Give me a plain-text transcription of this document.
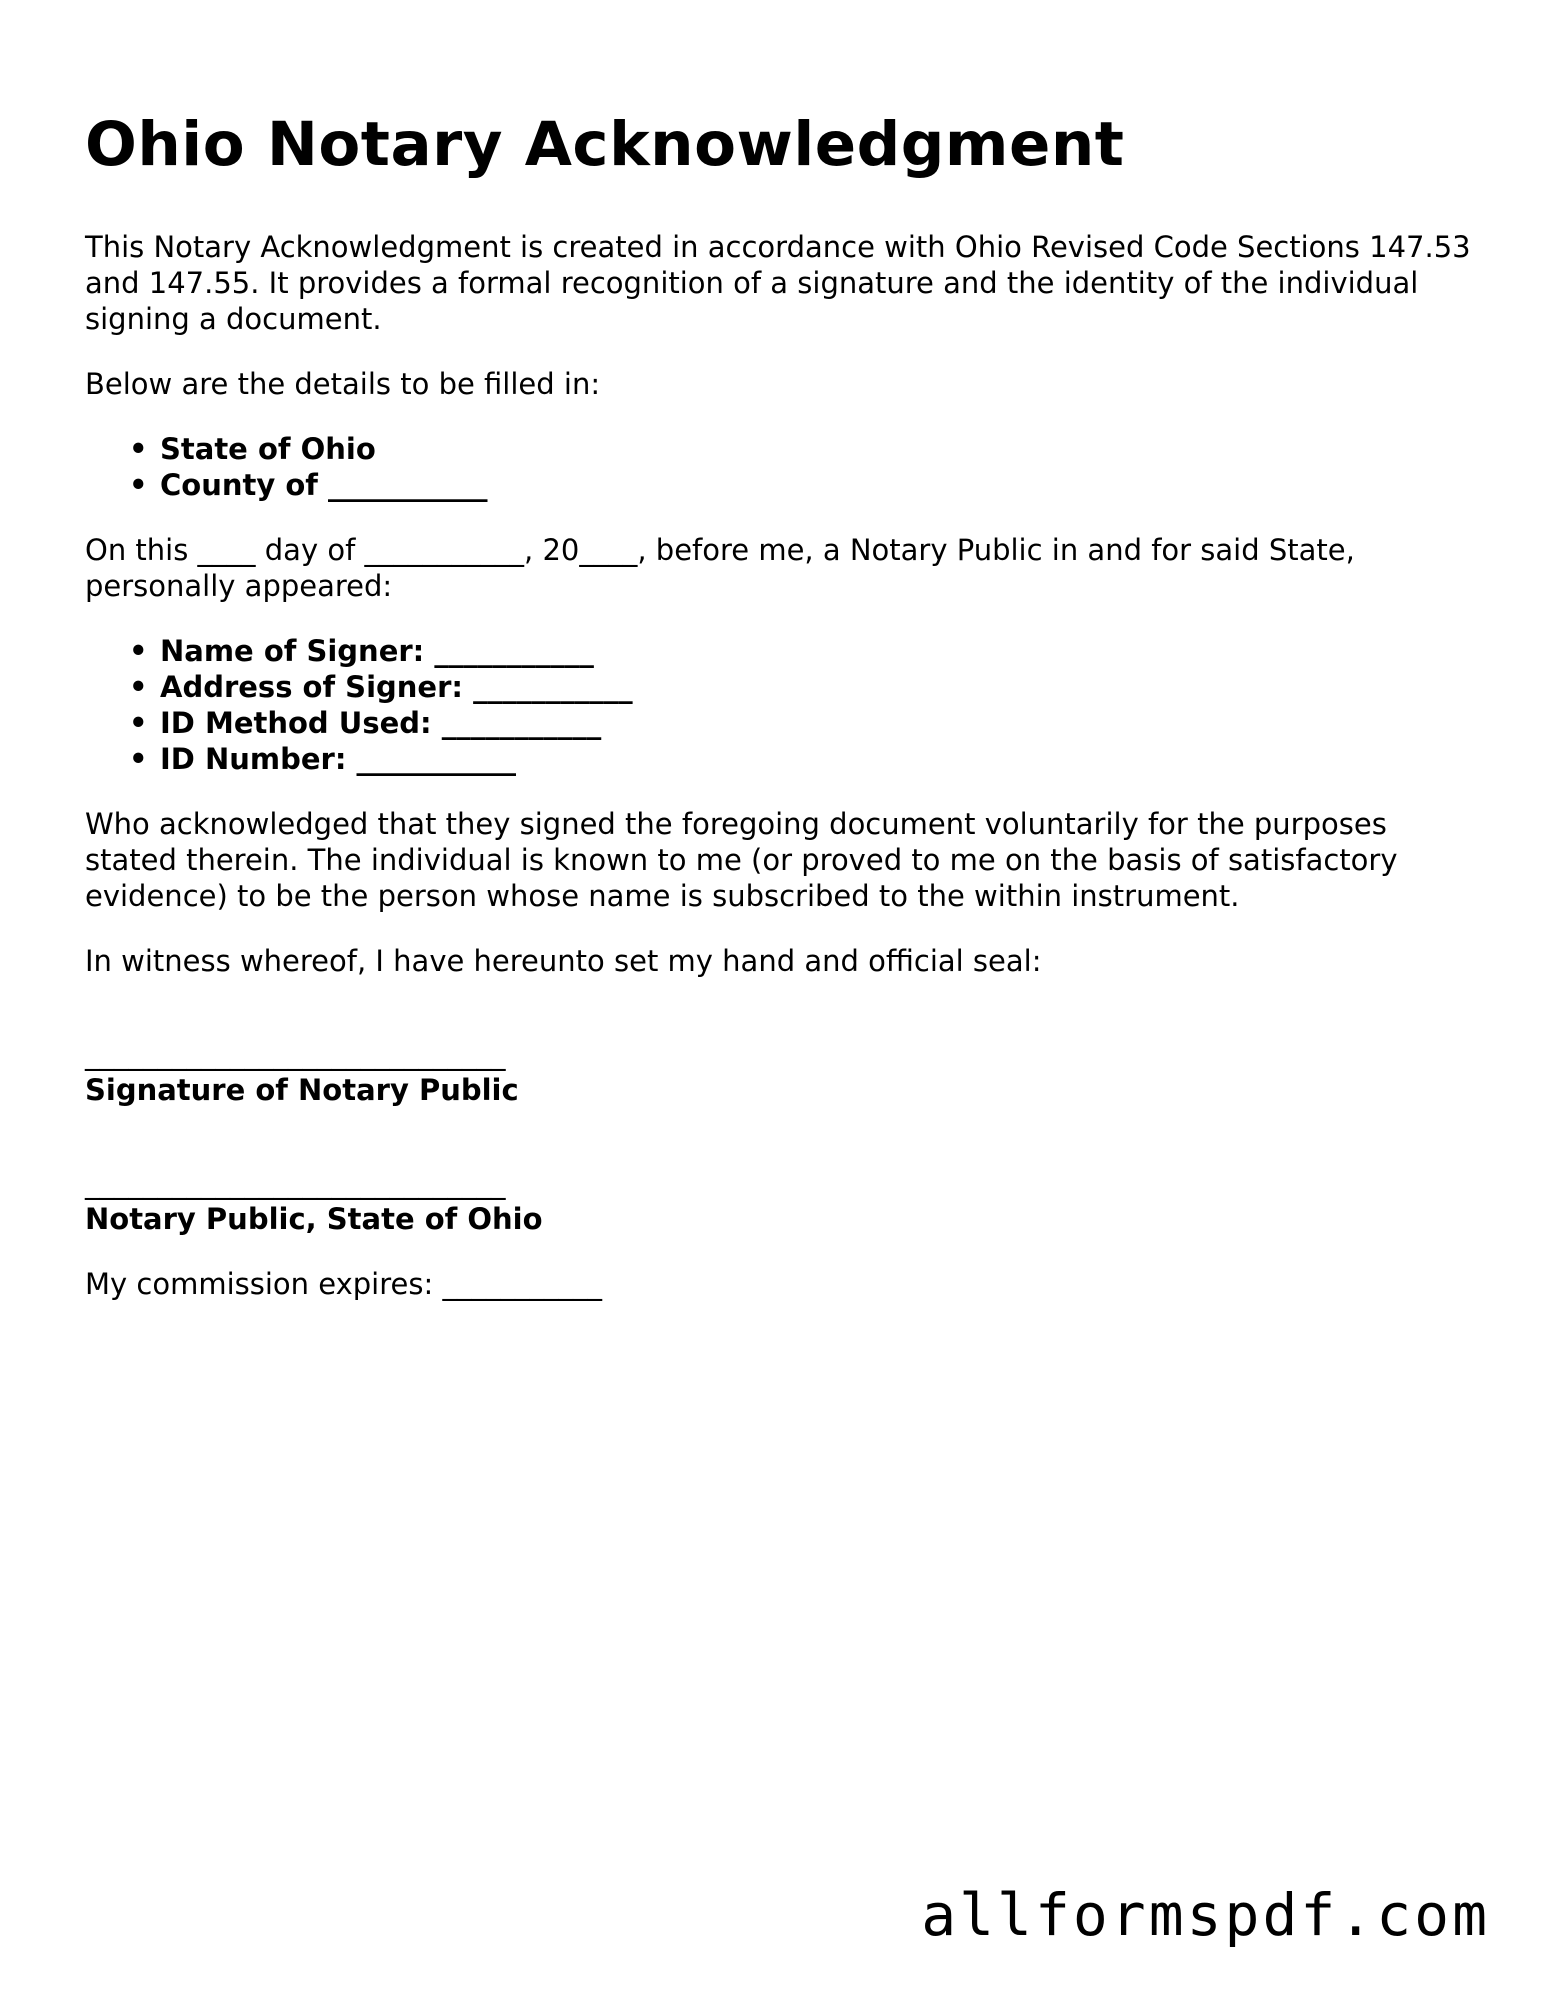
Ohio Notary Acknowledgment

This Notary Acknowledgment is created in accordance with Ohio Revised Code Sections 147.53 and 147.55. It provides a formal recognition of a signature and the identity of the individual signing a document.

Below are the details to be filled in:

• State of Ohio
• County of ___________

On this ____ day of ___________, 20____, before me, a Notary Public in and for said State, personally appeared:

• Name of Signer: ___________
• Address of Signer: ___________
• ID Method Used: ___________
• ID Number: ___________

Who acknowledged that they signed the foregoing document voluntarily for the purposes stated therein. The individual is known to me (or proved to me on the basis of satisfactory evidence) to be the person whose name is subscribed to the within instrument.

In witness whereof, I have hereunto set my hand and official seal:

_____________________________
Signature of Notary Public
_____________________________
Notary Public, State of Ohio

My commission expires: ___________

allformspdf.com
